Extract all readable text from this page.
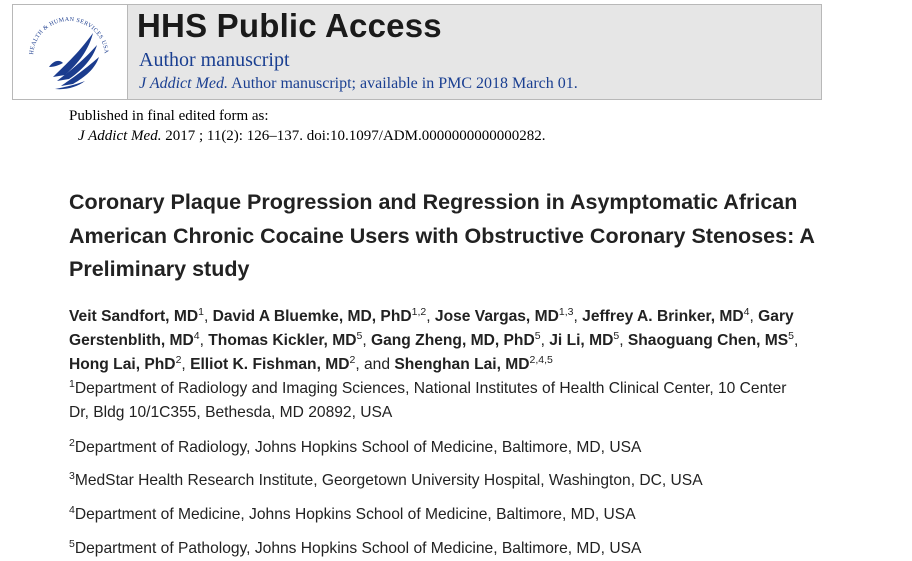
HEALTH & HUMAN SERVICES USA
HHS Public Access
Author manuscript
J Addict Med. Author manuscript; available in PMC 2018 March 01.
Published in final edited form as:
J Addict Med. 2017 ; 11(2): 126–137. doi:10.1097/ADM.0000000000000282.
Coronary Plaque Progression and Regression in Asymptomatic African American Chronic Cocaine Users with Obstructive Coronary Stenoses: A Preliminary study
Veit Sandfort, $MD^1$, David A Bluemke, MD, PhD$^{1,2}$, Jose Vargas, MD$^{1,3}$, Jeffrey A. Brinker, $MD^4$, Gary Gerstenblith, $MD^4$, Thomas Kickler, $MD^5$, Gang Zheng, MD, PhD$^5$, Ji Li, $MD^5$, Shaoguang Chen, $MS^5$, Hong Lai, PhD$^2$, Elliot K. Fishman, $MD^2$, and Shenghan Lai, MD$^{2,4,5}$
$^1$Department of Radiology and Imaging Sciences, National Institutes of Health Clinical Center, 10 Center Dr, Bldg 10/1C355, Bethesda, MD 20892, USA
$^2$Department of Radiology, Johns Hopkins School of Medicine, Baltimore, MD, USA
$^3$MedStar Health Research Institute, Georgetown University Hospital, Washington, DC, USA
$^4$Department of Medicine, Johns Hopkins School of Medicine, Baltimore, MD, USA
$^5$Department of Pathology, Johns Hopkins School of Medicine, Baltimore, MD, USA
